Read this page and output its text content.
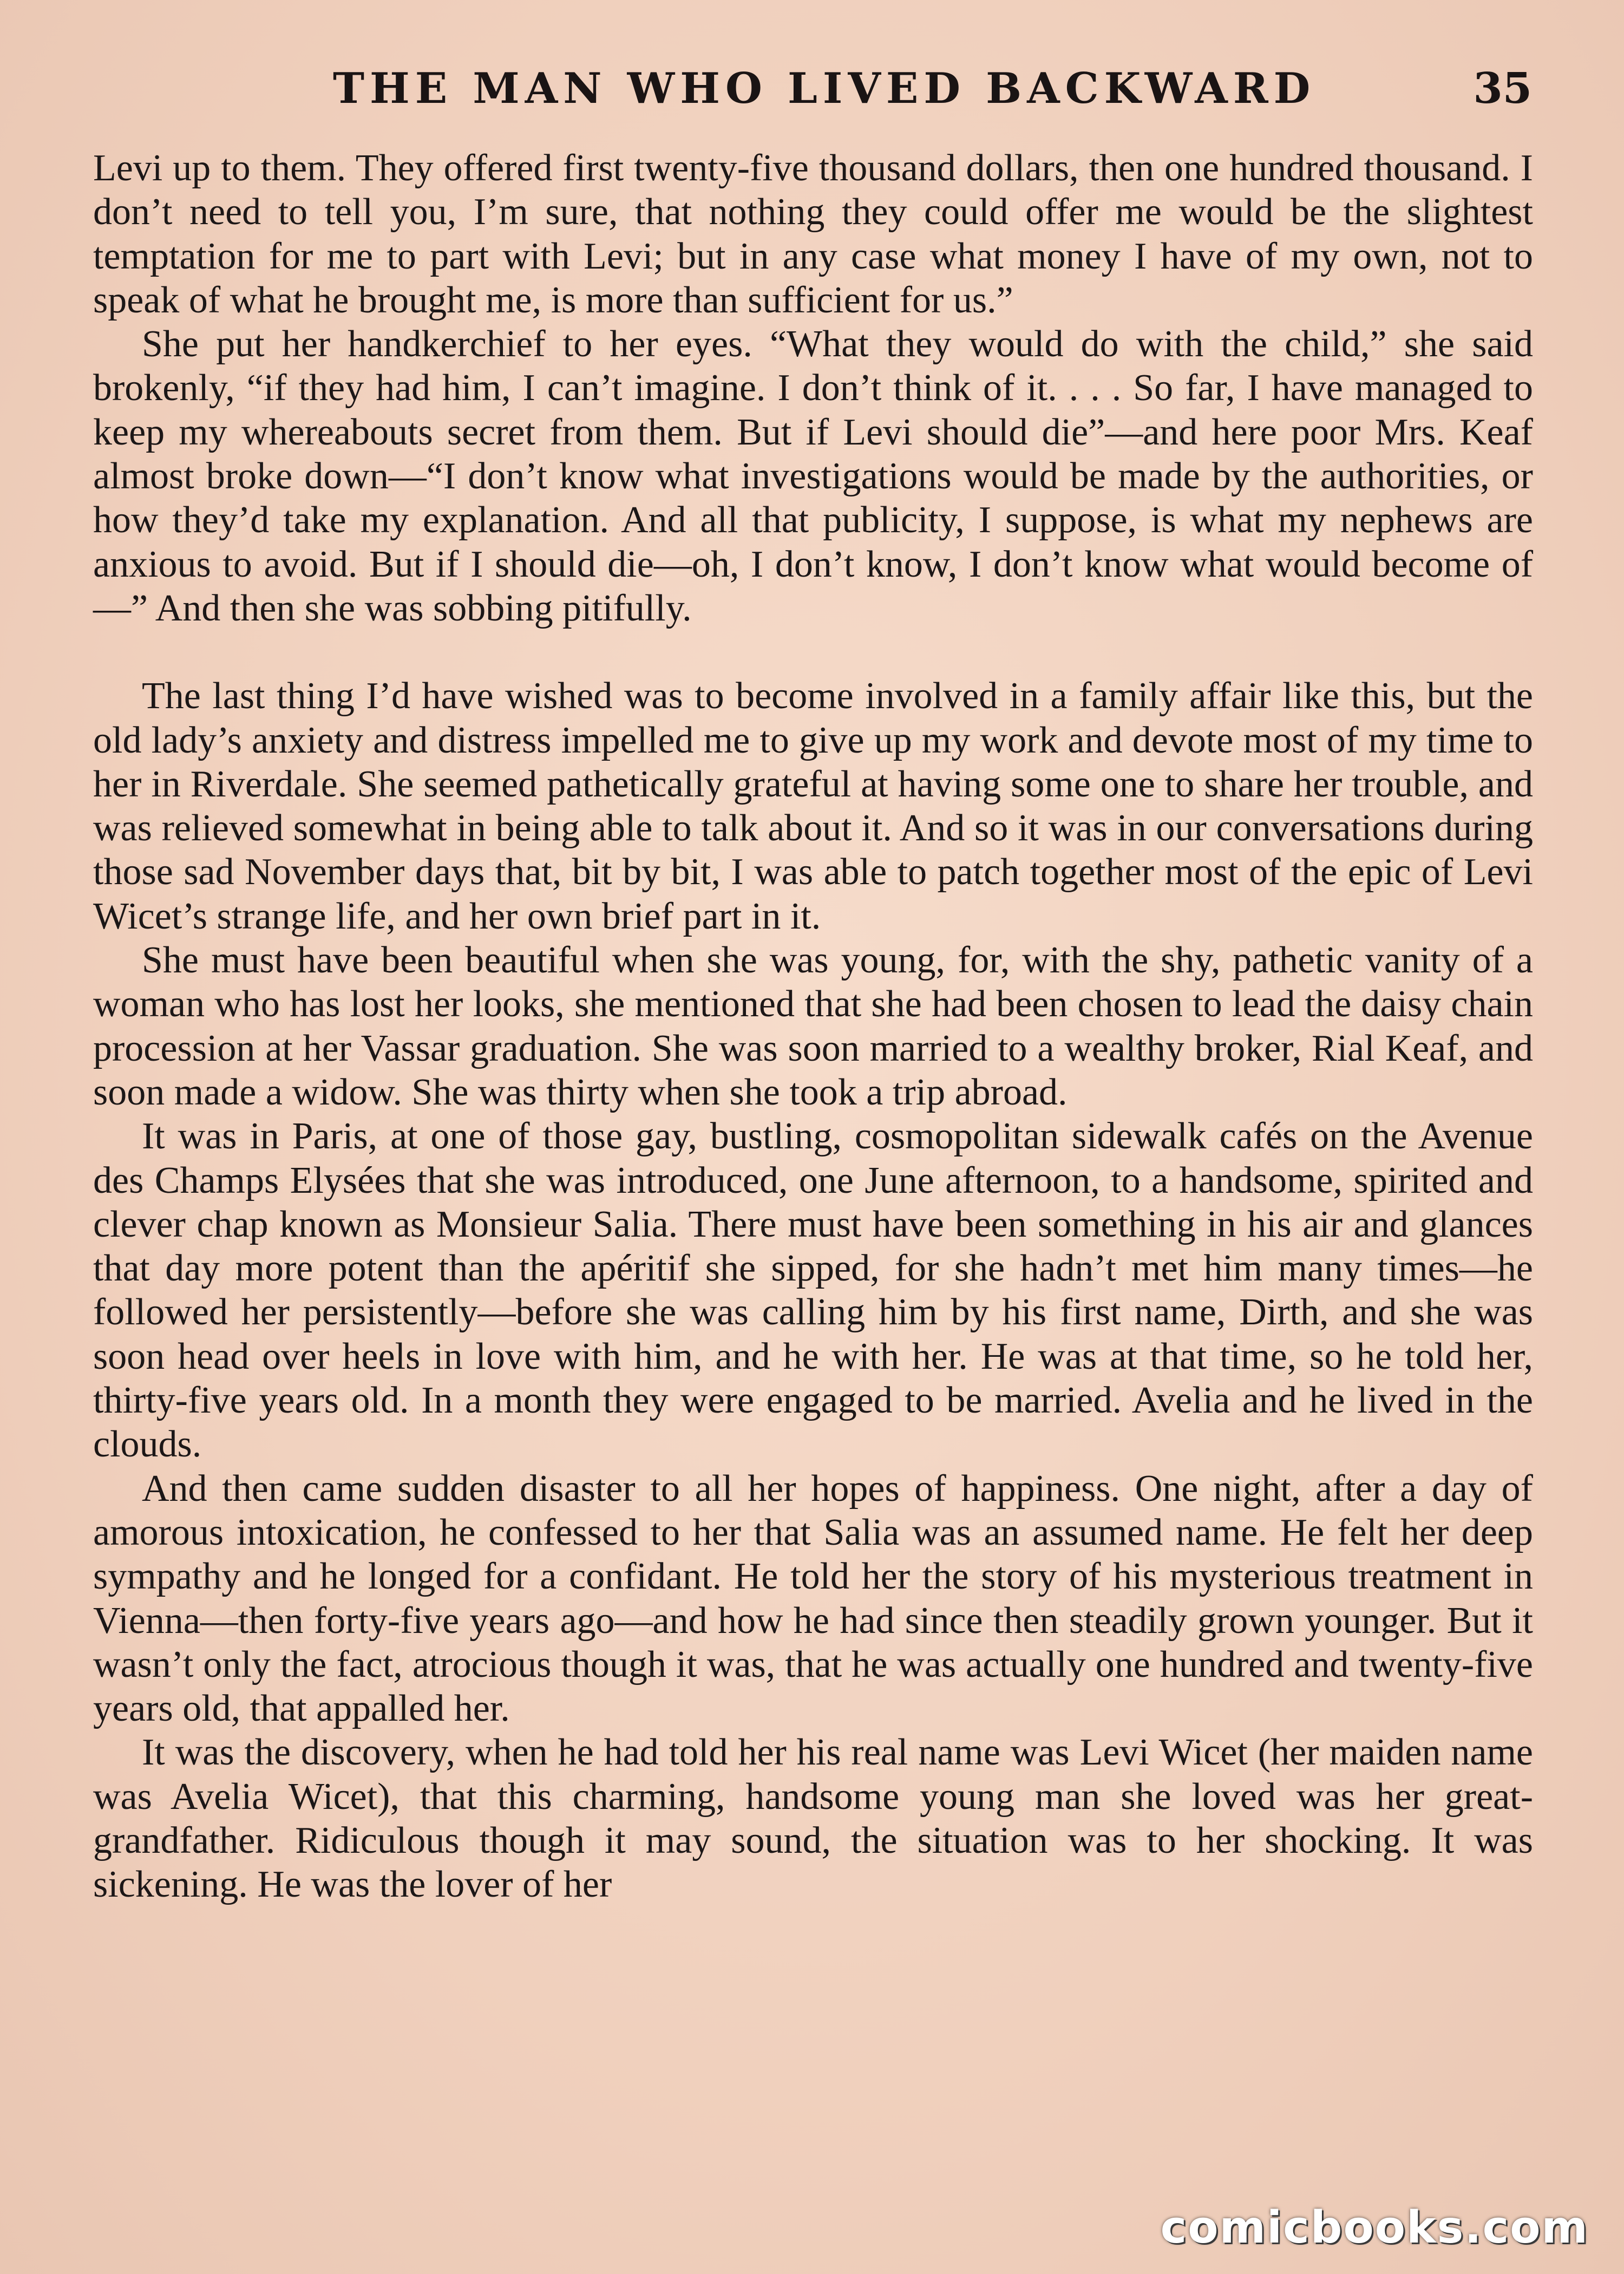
THE MAN WHO LIVED BACKWARD	35

Levi up to them. They offered first twenty-five thousand dollars, then one hundred thousand. I don’t need to tell you, I’m sure, that nothing they could offer me would be the slightest temptation for me to part with Levi; but in any case what money I have of my own, not to speak of what he brought me, is more than sufficient for us.”

She put her handkerchief to her eyes. “What they would do with the child,” she said brokenly, “if they had him, I can’t imagine. I don’t think of it. . . . So far, I have managed to keep my whereabouts secret from them. But if Levi should die”—and here poor Mrs. Keaf almost broke down—“I don’t know what investigations would be made by the authorities, or how they’d take my explanation. And all that publicity, I suppose, is what my nephews are anxious to avoid. But if I should die—oh, I don’t know, I don’t know what would become of—” And then she was sobbing pitifully.

The last thing I’d have wished was to become involved in a family affair like this, but the old lady’s anxiety and distress impelled me to give up my work and devote most of my time to her in Riverdale. She seemed pathetically grateful at having some one to share her trouble, and was relieved somewhat in being able to talk about it. And so it was in our conversations during those sad November days that, bit by bit, I was able to patch together most of the epic of Levi Wicet’s strange life, and her own brief part in it.

She must have been beautiful when she was young, for, with the shy, pathetic vanity of a woman who has lost her looks, she mentioned that she had been chosen to lead the daisy chain procession at her Vassar graduation. She was soon married to a wealthy broker, Rial Keaf, and soon made a widow. She was thirty when she took a trip abroad.

It was in Paris, at one of those gay, bustling, cosmopolitan sidewalk cafés on the Avenue des Champs Elysées that she was introduced, one June afternoon, to a handsome, spirited and clever chap known as Monsieur Salia. There must have been something in his air and glances that day more potent than the apéritif she sipped, for she hadn’t met him many times—he followed her persistently—before she was calling him by his first name, Dirth, and she was soon head over heels in love with him, and he with her. He was at that time, so he told her, thirty-five years old. In a month they were engaged to be married. Avelia and he lived in the clouds.

And then came sudden disaster to all her hopes of happiness. One night, after a day of amorous intoxication, he confessed to her that Salia was an assumed name. He felt her deep sympathy and he longed for a confidant. He told her the story of his mysterious treatment in Vienna—then forty-five years ago—and how he had since then steadily grown younger. But it wasn’t only the fact, atrocious though it was, that he was actually one hundred and twenty-five years old, that appalled her.

It was the discovery, when he had told her his real name was Levi Wicet (her maiden name was Avelia Wicet), that this charming, handsome young man she loved was her great-grandfather. Ridiculous though it may sound, the situation was to her shocking. It was sickening. He was the lover of her

comicbooks.com
